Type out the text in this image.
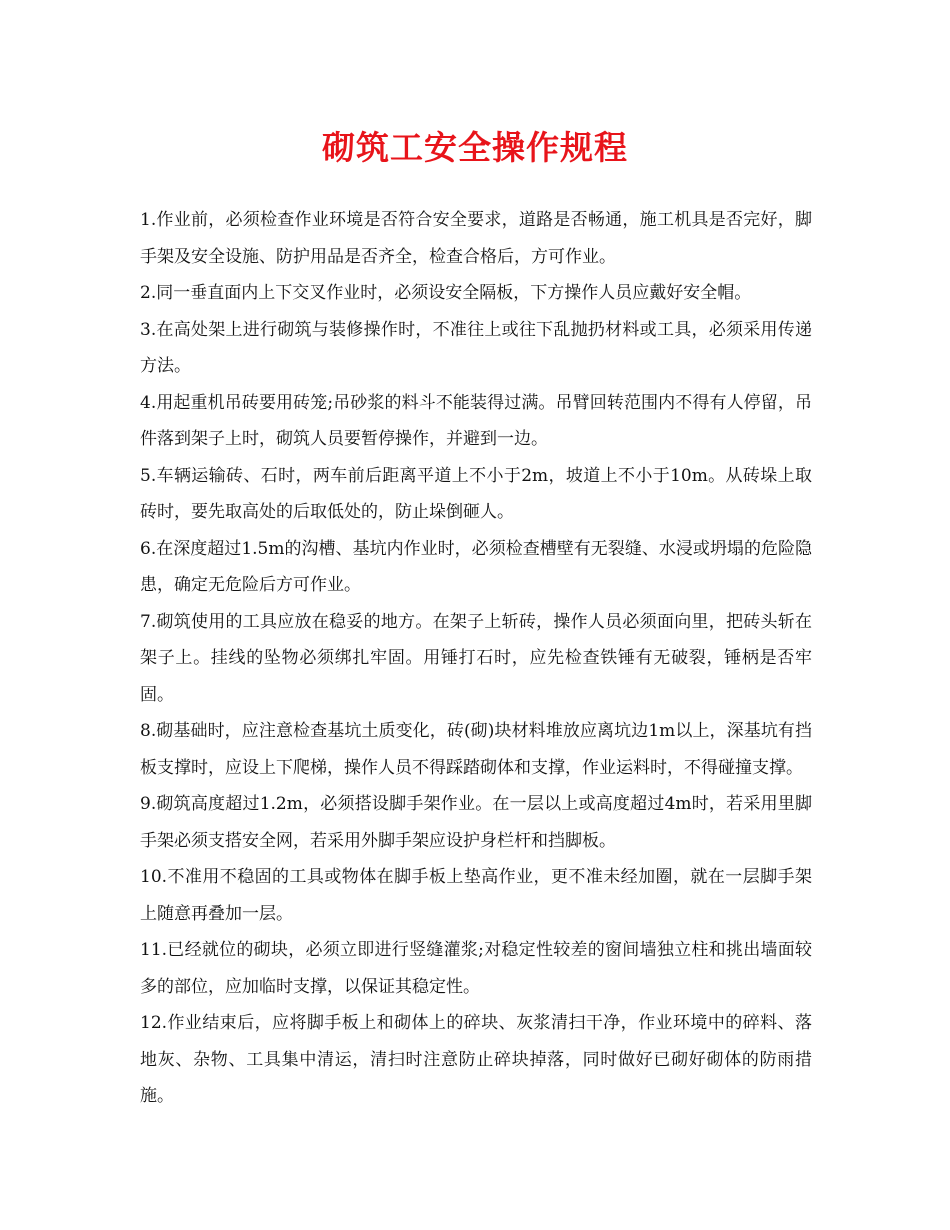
砌筑工安全操作规程

1.作业前，必须检查作业环境是否符合安全要求，道路是否畅通，施工机具是否完好，脚手架及安全设施、防护用品是否齐全，检查合格后，方可作业。

2.同一垂直面内上下交叉作业时，必须设安全隔板，下方操作人员应戴好安全帽。

3.在高处架上进行砌筑与装修操作时，不准往上或往下乱抛扔材料或工具，必须采用传递方法。

4.用起重机吊砖要用砖笼;吊砂浆的料斗不能装得过满。吊臂回转范围内不得有人停留，吊件落到架子上时，砌筑人员要暂停操作，并避到一边。

5.车辆运输砖、石时，两车前后距离平道上不小于2m，坡道上不小于10m。从砖垛上取砖时，要先取高处的后取低处的，防止垛倒砸人。

6.在深度超过1.5m的沟槽、基坑内作业时，必须检查槽壁有无裂缝、水浸或坍塌的危险隐患，确定无危险后方可作业。

7.砌筑使用的工具应放在稳妥的地方。在架子上斩砖，操作人员必须面向里，把砖头斩在架子上。挂线的坠物必须绑扎牢固。用锤打石时，应先检查铁锤有无破裂，锤柄是否牢固。

8.砌基础时，应注意检查基坑土质变化，砖(砌)块材料堆放应离坑边1m以上，深基坑有挡板支撑时，应设上下爬梯，操作人员不得踩踏砌体和支撑，作业运料时，不得碰撞支撑。

9.砌筑高度超过1.2m，必须搭设脚手架作业。在一层以上或高度超过4m时，若采用里脚手架必须支搭安全网，若采用外脚手架应设护身栏杆和挡脚板。

10.不准用不稳固的工具或物体在脚手板上垫高作业，更不准未经加圈，就在一层脚手架上随意再叠加一层。

11.已经就位的砌块，必须立即进行竖缝灌浆;对稳定性较差的窗间墙独立柱和挑出墙面较多的部位，应加临时支撑，以保证其稳定性。

12.作业结束后，应将脚手板上和砌体上的碎块、灰浆清扫干净，作业环境中的碎料、落地灰、杂物、工具集中清运，清扫时注意防止碎块掉落，同时做好已砌好砌体的防雨措施。
